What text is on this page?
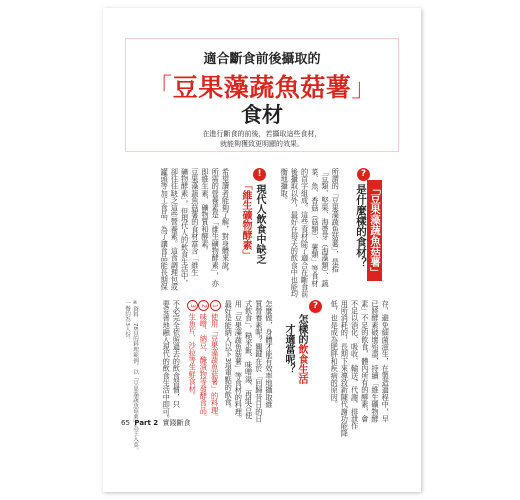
適合斷食前後攝取的
「豆果藻蔬魚菇薯」
食材
在進行斷食的前後，若攝取這些食材，
就能夠獲致更明顯的效果。
?
「豆果藻蔬魚菇薯」
是什麼樣的食材？
所謂的「豆果藻蔬魚菇薯」，是指
「豆類、堅果、海帶芽（海藻類）、蔬
菜、魚、香菇（菇類）、薯類」等食材
的首字組成。這些食材除了適合在斷食前
後攝取以外，最好在每天的飲食中也能均
衡地攝取。
!
現代人飲食中缺乏
「維生礦物酵素」
希望讀者能夠了解，對身體來說，
所需的營養素是「維生礦物酵素」，亦
即維生素、礦物質和酵素。
豆果藻蔬魚菇薯的食材富含「維生
礦物酵素」，但現代人的飲食生活中，
卻往往缺乏這些營養素。這食調理包或
罐頭等加工食品，為了讓食品能長期保
存，避免細菌滋生，在製造過程中，早
已將酵素破壞殆盡，持續「維生礦物酵
素」不足的飲食，體內所有的酵素，會
不足以消化、吸收、輸送、代謝，排泄作
用所消耗的，長期下來導致新陳代謝功能降
低，也是成為肥胖和疾病的原因。
?
怎樣的飲食生活
才適當呢？
怎麼做，身體才能有效率地攝取維
質營養素呢？關鍵在於「回歸昔日的日
式飲食」，糙米飯、味噌湯、再組合使
用「豆果藻蔬魚菇薯」等食材的料理。
最好是能納入以下3項重點的飲食。
1使用「豆果藻蔬魚菇薯」的料理。
2味噌、納豆、醃漬物等發酵食品。
3生魚片、沙拉等生鮮食材。
不必完全依照過去的飲食習慣，只
要妥善地融入現代的飲食生活中即可。
※資料：78頁的料理範例，以「豆果藻蔬魚菇薯」為主入菜。
一餐約為3人份。
65 Part 2 實踐斷食
